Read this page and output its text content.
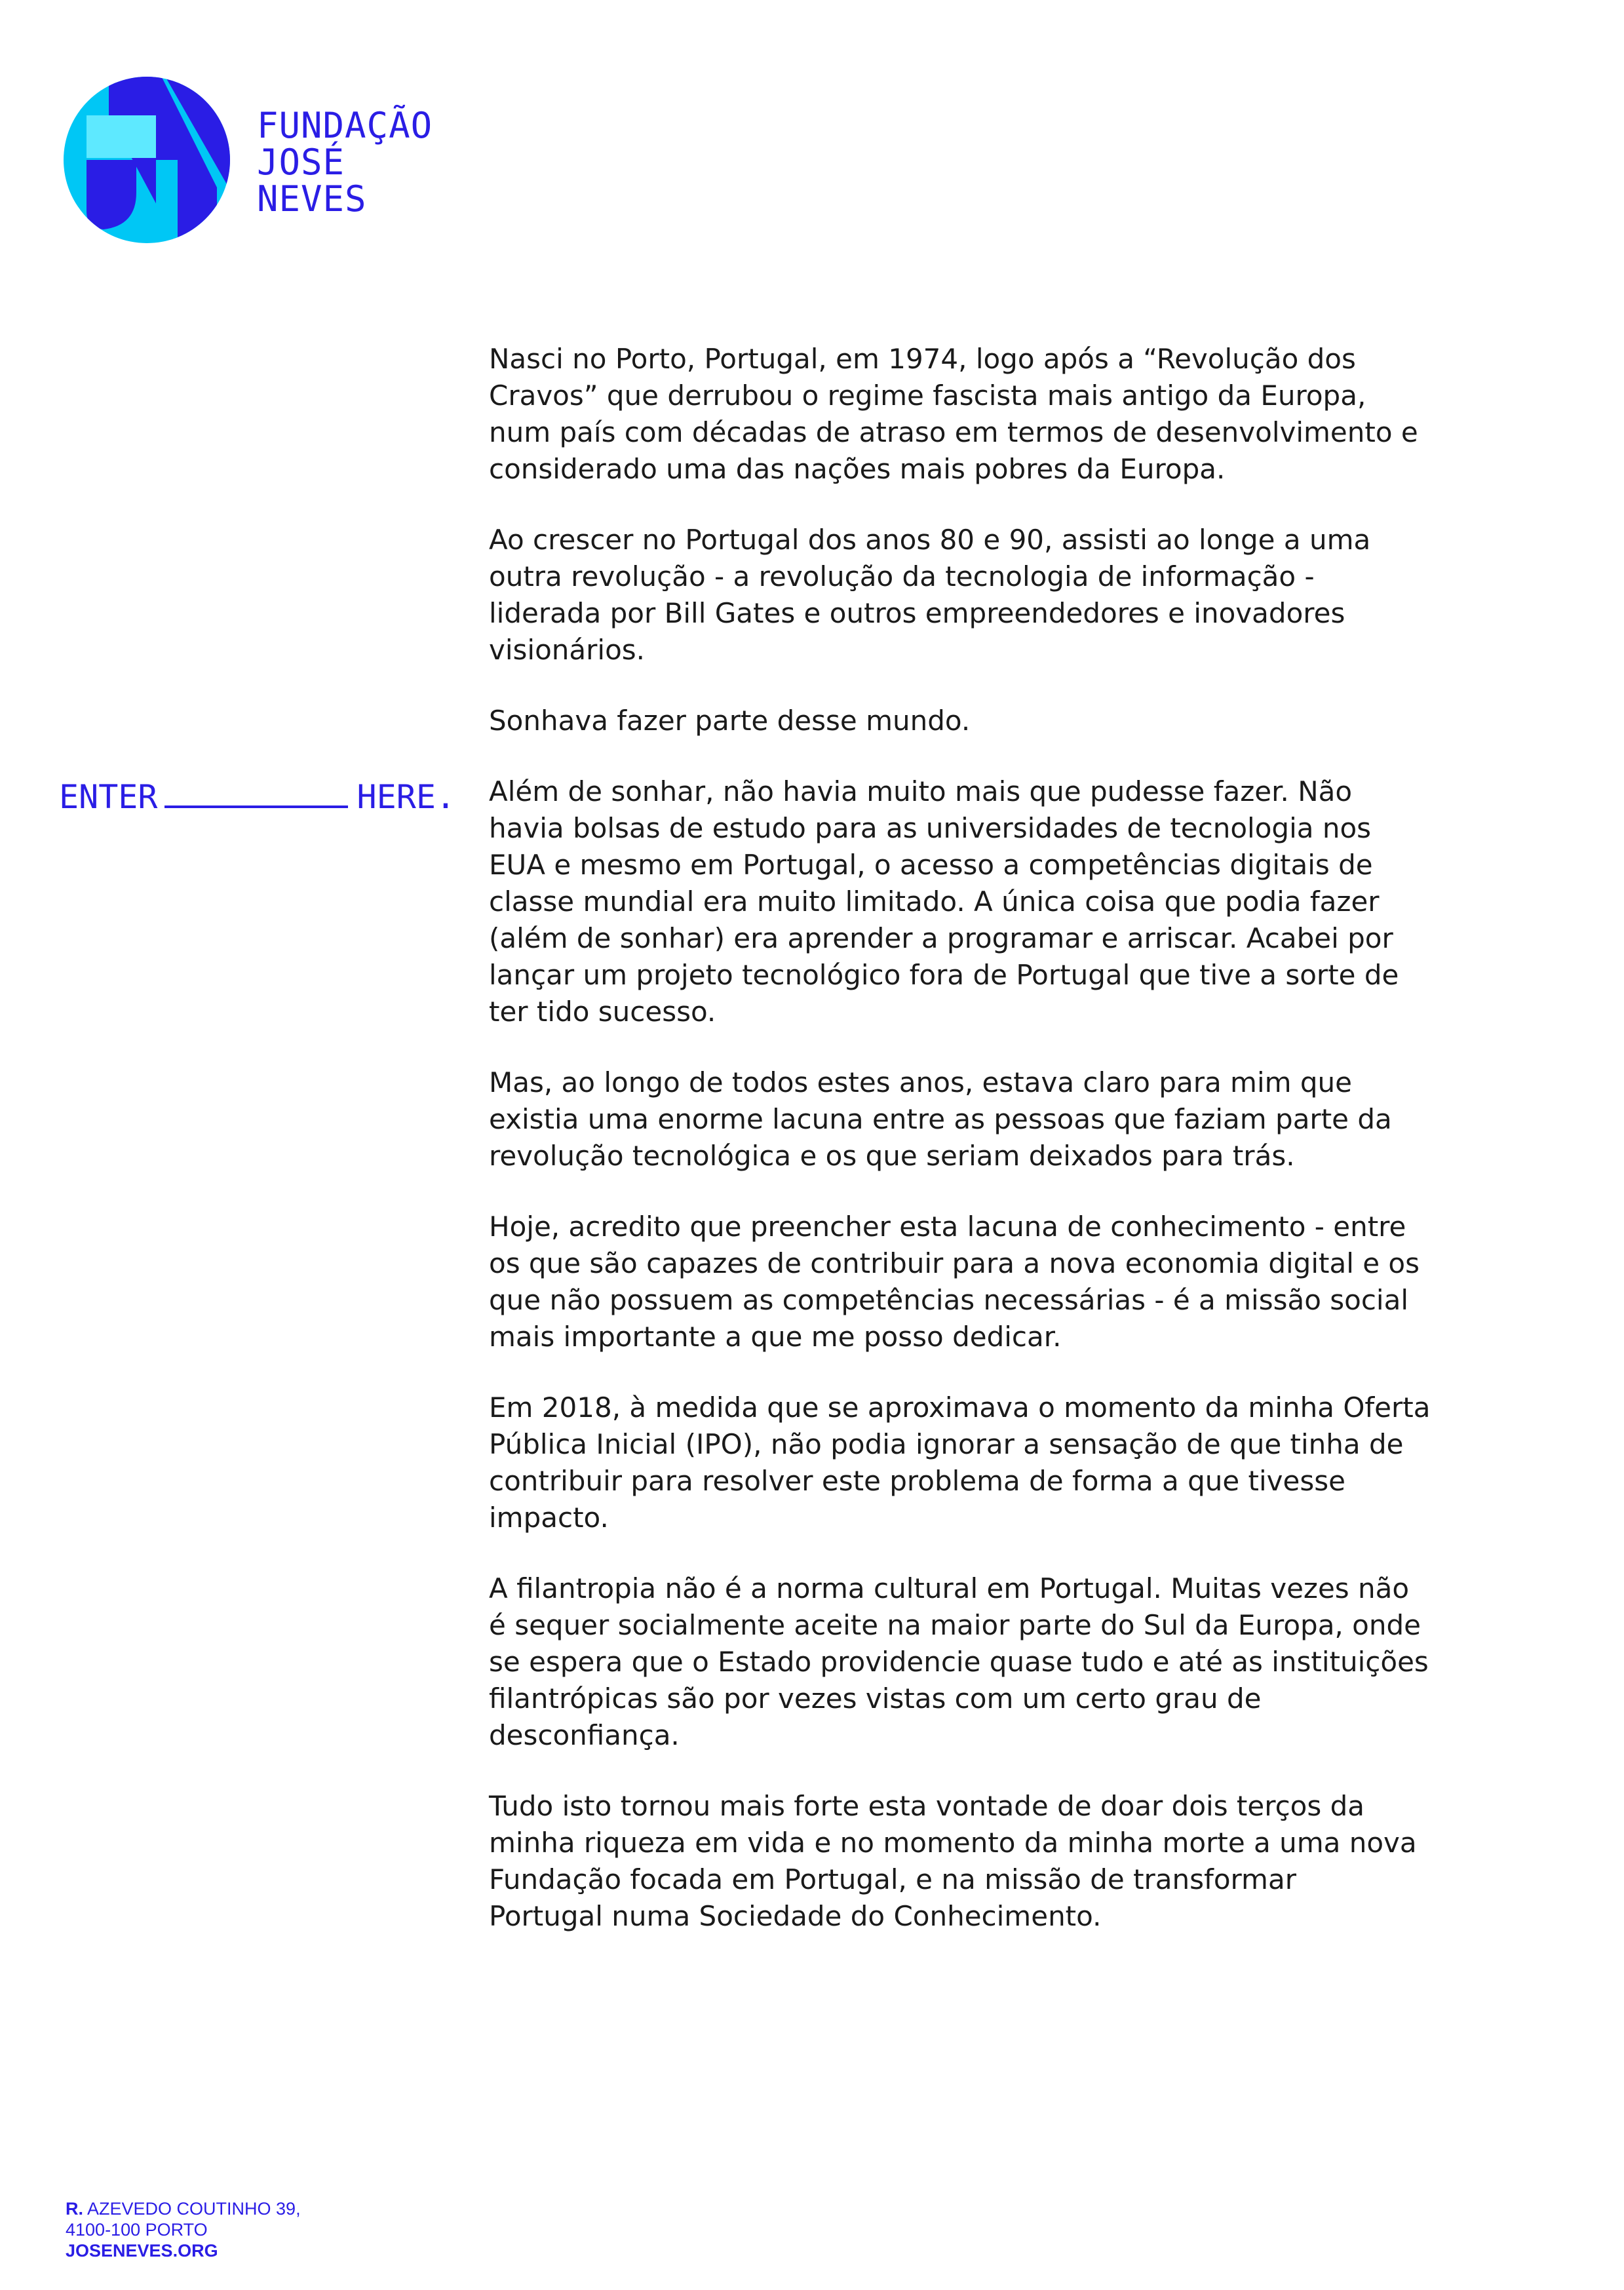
FUNDAÇÃO
JOSÉ
NEVES
ENTER	HERE.

Nasci no Porto, Portugal, em 1974, logo após a “Revolução dos
Cravos” que derrubou o regime fascista mais antigo da Europa,
num país com décadas de atraso em termos de desenvolvimento e
considerado uma das nações mais pobres da Europa.

Ao crescer no Portugal dos anos 80 e 90, assisti ao longe a uma
outra revolução - a revolução da tecnologia de informação -
liderada por Bill Gates e outros empreendedores e inovadores
visionários.

Sonhava fazer parte desse mundo.

Além de sonhar, não havia muito mais que pudesse fazer. Não
havia bolsas de estudo para as universidades de tecnologia nos
EUA e mesmo em Portugal, o acesso a competências digitais de
classe mundial era muito limitado. A única coisa que podia fazer
(além de sonhar) era aprender a programar e arriscar. Acabei por
lançar um projeto tecnológico fora de Portugal que tive a sorte de
ter tido sucesso.

Mas, ao longo de todos estes anos, estava claro para mim que
existia uma enorme lacuna entre as pessoas que faziam parte da
revolução tecnológica e os que seriam deixados para trás.

Hoje, acredito que preencher esta lacuna de conhecimento - entre
os que são capazes de contribuir para a nova economia digital e os
que não possuem as competências necessárias - é a missão social
mais importante a que me posso dedicar.

Em 2018, à medida que se aproximava o momento da minha Oferta
Pública Inicial (IPO), não podia ignorar a sensação de que tinha de
contribuir para resolver este problema de forma a que tivesse
impacto.

A filantropia não é a norma cultural em Portugal. Muitas vezes não
é sequer socialmente aceite na maior parte do Sul da Europa, onde
se espera que o Estado providencie quase tudo e até as instituições
filantrópicas são por vezes vistas com um certo grau de
desconfiança.

Tudo isto tornou mais forte esta vontade de doar dois terços da
minha riqueza em vida e no momento da minha morte a uma nova
Fundação focada em Portugal, e na missão de transformar
Portugal numa Sociedade do Conhecimento.

R. AZEVEDO COUTINHO 39,
4100-100 PORTO
JOSENEVES.ORG
